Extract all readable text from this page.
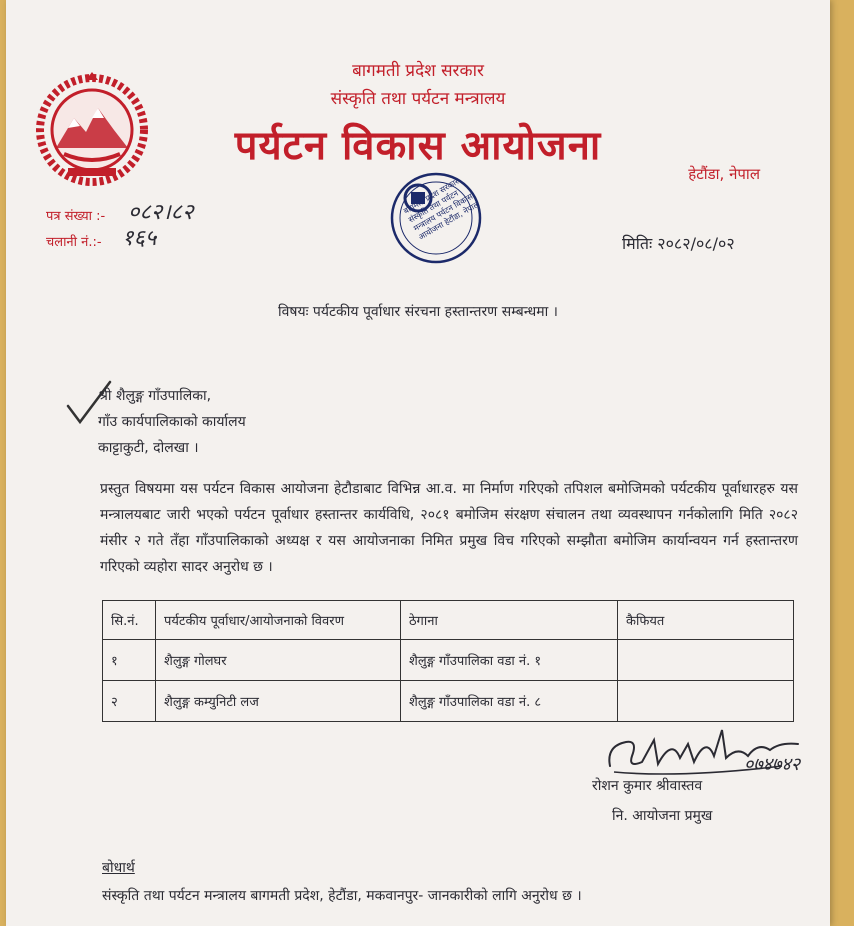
बागमती प्रदेश सरकार
संस्कृति तथा पर्यटन मन्त्रालय
पर्यटन विकास आयोजना
हेटौंडा, नेपाल
पत्र संख्या :- ०८२।८२
चलानी नं.:- १६५
बागमती प्रदेश सरकार संस्कृति तथा पर्यटन मन्त्रालय पर्यटन विकास आयोजना हेटौंडा, नेपाल
मितिः २०८२/०८/०२
विषयः पर्यटकीय पूर्वाधार संरचना हस्तान्तरण सम्बन्धमा ।
श्री शैलुङ्ग गाँउपालिका,
गाँउ कार्यपालिकाको कार्यालय
काट्टाकुटी, दोलखा ।

प्रस्तुत विषयमा यस पर्यटन विकास आयोजना हेटौडाबाट विभिन्न आ.व. मा निर्माण गरिएको तपिशल बमोजिमको पर्यटकीय पूर्वाधारहरु यस मन्त्रालयबाट जारी भएको पर्यटन पूर्वाधार हस्तान्तर कार्यविधि, २०८१ बमोजिम संरक्षण संचालन तथा व्यवस्थापन गर्नकोलागि मिति २०८२ मंसीर २ गते तँहा गाँउपालिकाको अध्यक्ष र यस आयोजनाका निमित प्रमुख विच गरिएको सम्झौता बमोजिम कार्यान्वयन गर्न हस्तान्तरण गरिएको व्यहोरा सादर अनुरोध छ ।

सि.नं.	पर्यटकीय पूर्वाधार/आयोजनाको विवरण	ठेगाना	कैफियत
१	शैलुङ्ग गोलघर	शैलुङ्ग गाँउपालिका वडा नं. १	
२	शैलुङ्ग कम्युनिटी लज	शैलुङ्ग गाँउपालिका वडा नं. ८	
०७४७४२
रोशन कुमार श्रीवास्तव
नि. आयोजना प्रमुख
बोधार्थ
संस्कृति तथा पर्यटन मन्त्रालय बागमती प्रदेश, हेटौंडा, मकवानपुर- जानकारीको लागि अनुरोध छ ।
